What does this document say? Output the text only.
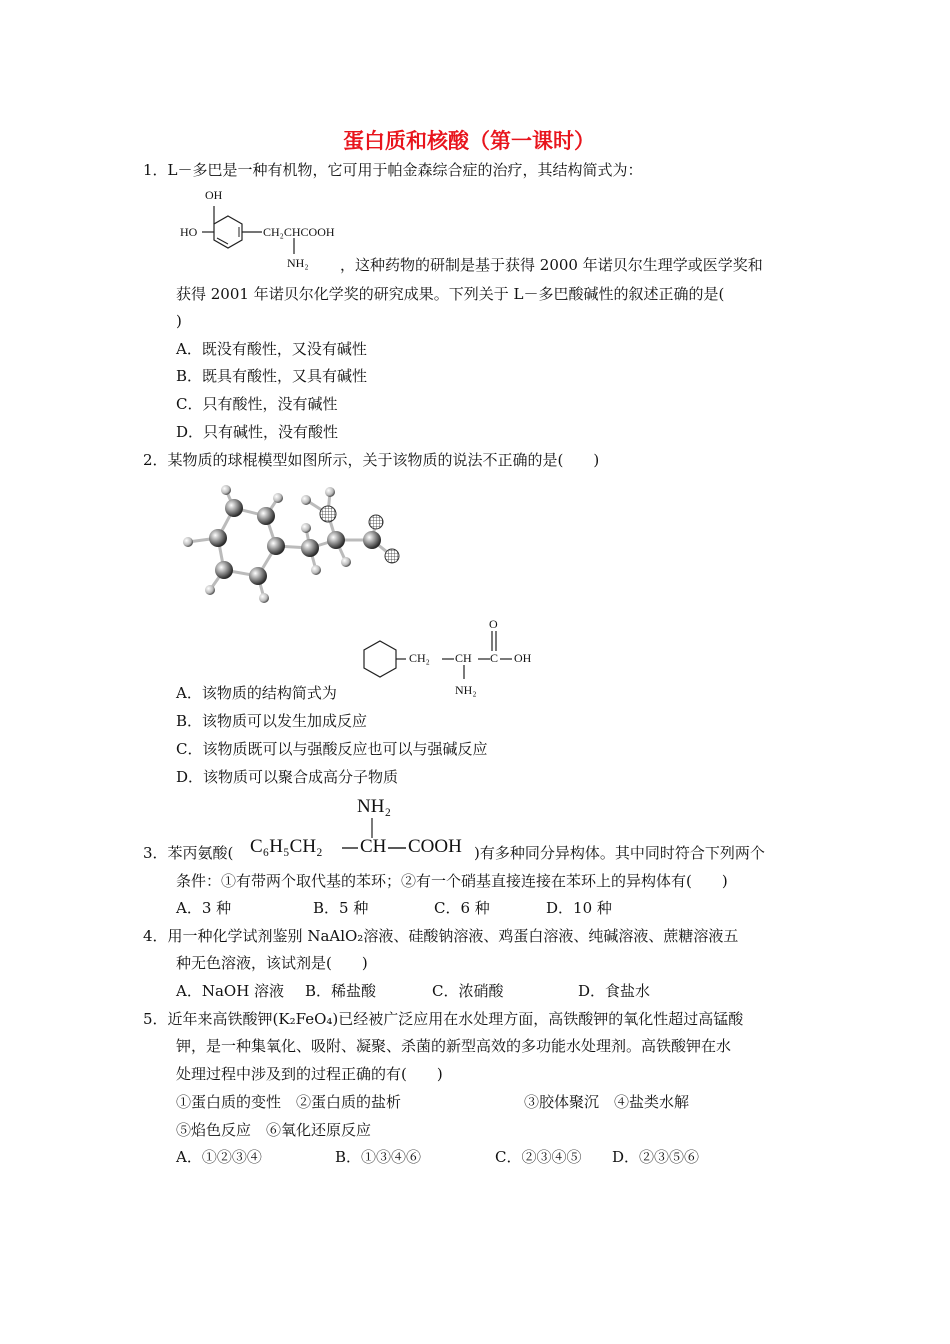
蛋白质和核酸（第一课时）
1．L－多巴是一种有机物，它可用于帕金森综合症的治疗，其结构简式为：
OH
HO	CH₂CHCOOH
NH₂ ，这种药物的研制是基于获得 2000 年诺贝尔生理学或医学奖和
获得 2001 年诺贝尔化学奖的研究成果。下列关于 L－多巴酸碱性的叙述正确的是(
)
A．既没有酸性，又没有碱性
B．既具有酸性，又具有碱性
C．只有酸性，没有碱性
D．只有碱性，没有酸性
2．某物质的球棍模型如图所示，关于该物质的说法不正确的是(　　)
O
CH₂ CH C OH
NH₂
A．该物质的结构简式为
B．该物质可以发生加成反应
C．该物质既可以与强酸反应也可以与强碱反应
D．该物质可以聚合成高分子物质
NH₂
3．苯丙氨酸( C₆H₅CH₂ CH COOH )有多种同分异构体。其中同时符合下列两个
条件：①有带两个取代基的苯环；②有一个硝基直接连接在苯环上的异构体有(　　)
A．3 种	B．5 种	C．6 种	D．10 种
4．用一种化学试剂鉴别 NaAlO₂溶液、硅酸钠溶液、鸡蛋白溶液、纯碱溶液、蔗糖溶液五
种无色溶液，该试剂是(　　)
A．NaOH 溶液 B．稀盐酸	C．浓硝酸	D．食盐水
5．近年来高铁酸钾(K₂FeO₄)已经被广泛应用在水处理方面，高铁酸钾的氧化性超过高锰酸
钾，是一种集氧化、吸附、凝聚、杀菌的新型高效的多功能水处理剂。高铁酸钾在水
处理过程中涉及到的过程正确的有(　　)
①蛋白质的变性　②蛋白质的盐析	③胶体聚沉　④盐类水解
⑤焰色反应　⑥氧化还原反应
A．①②③④	B．①③④⑥	C．②③④⑤ D．②③⑤⑥
